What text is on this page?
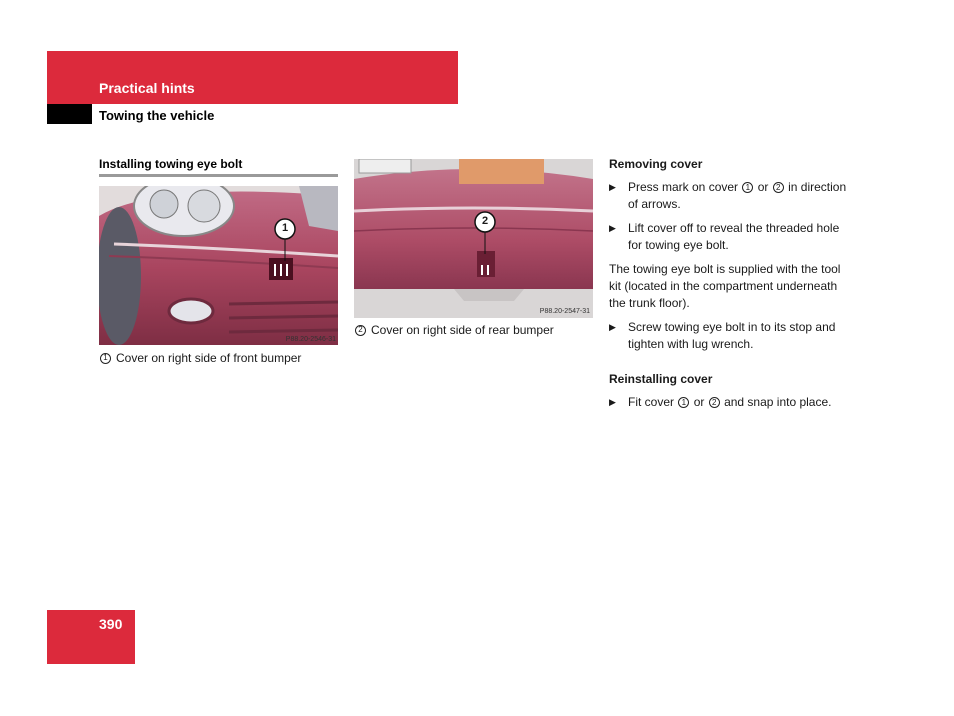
Practical hints
Towing the vehicle
Installing towing eye bolt
P88.20-2546-31
1
1 Cover on right side of front bumper
P88.20-2547-31
2
2 Cover on right side of rear bumper
Removing cover
▶	Press mark on cover 1 or 2 in direction of arrows.
▶	Lift cover off to reveal the threaded hole for towing eye bolt.
The towing eye bolt is supplied with the tool kit (located in the compartment underneath the trunk floor).
▶	Screw towing eye bolt in to its stop and tighten with lug wrench.
Reinstalling cover
▶	Fit cover 1 or 2 and snap into place.
390
